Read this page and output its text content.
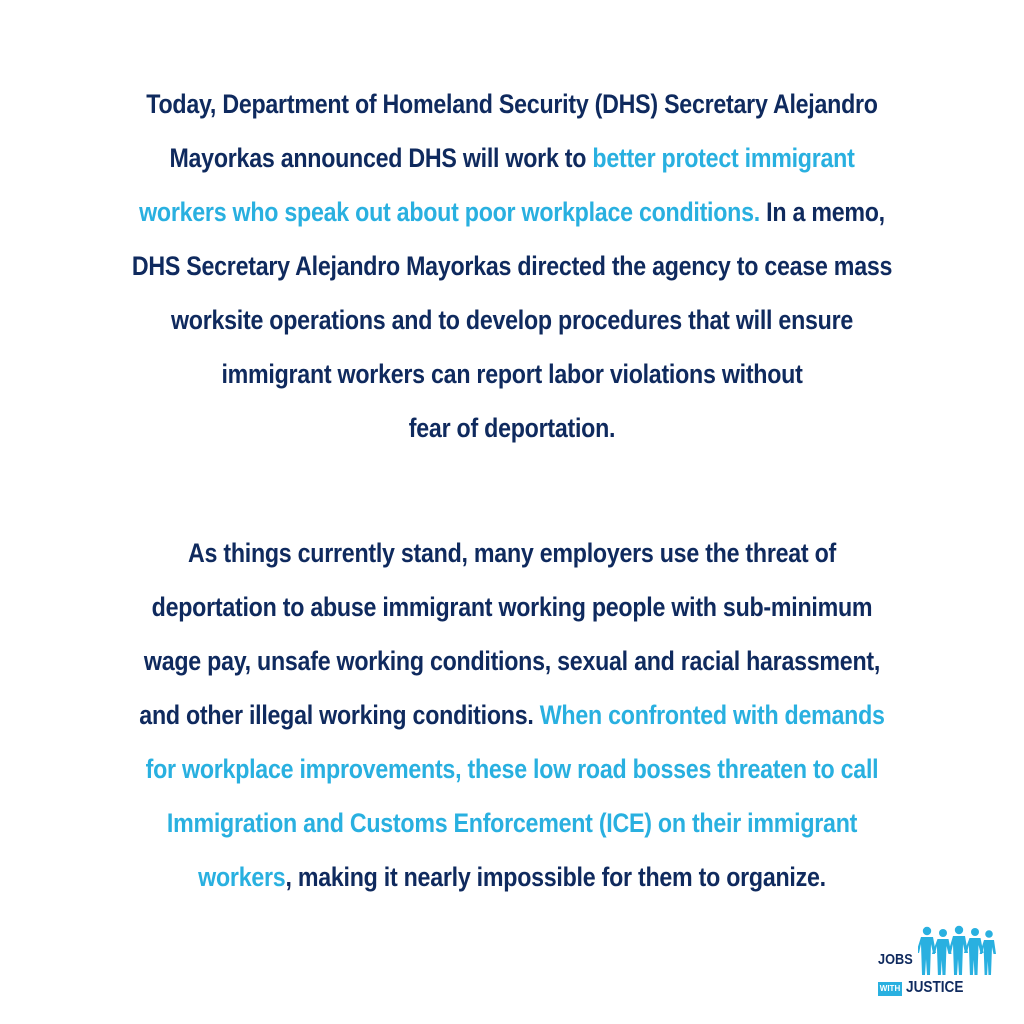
Today, Department of Homeland Security (DHS) Secretary Alejandro
Mayorkas announced DHS will work to better protect immigrant
workers who speak out about poor workplace conditions. In a memo,
DHS Secretary Alejandro Mayorkas directed the agency to cease mass
worksite operations and to develop procedures that will ensure
immigrant workers can report labor violations without
fear of deportation.
As things currently stand, many employers use the threat of
deportation to abuse immigrant working people with sub-minimum
wage pay, unsafe working conditions, sexual and racial harassment,
and other illegal working conditions. When confronted with demands
for workplace improvements, these low road bosses threaten to call
Immigration and Customs Enforcement (ICE) on their immigrant
workers, making it nearly impossible for them to organize.
JOBS
WITH JUSTICE
